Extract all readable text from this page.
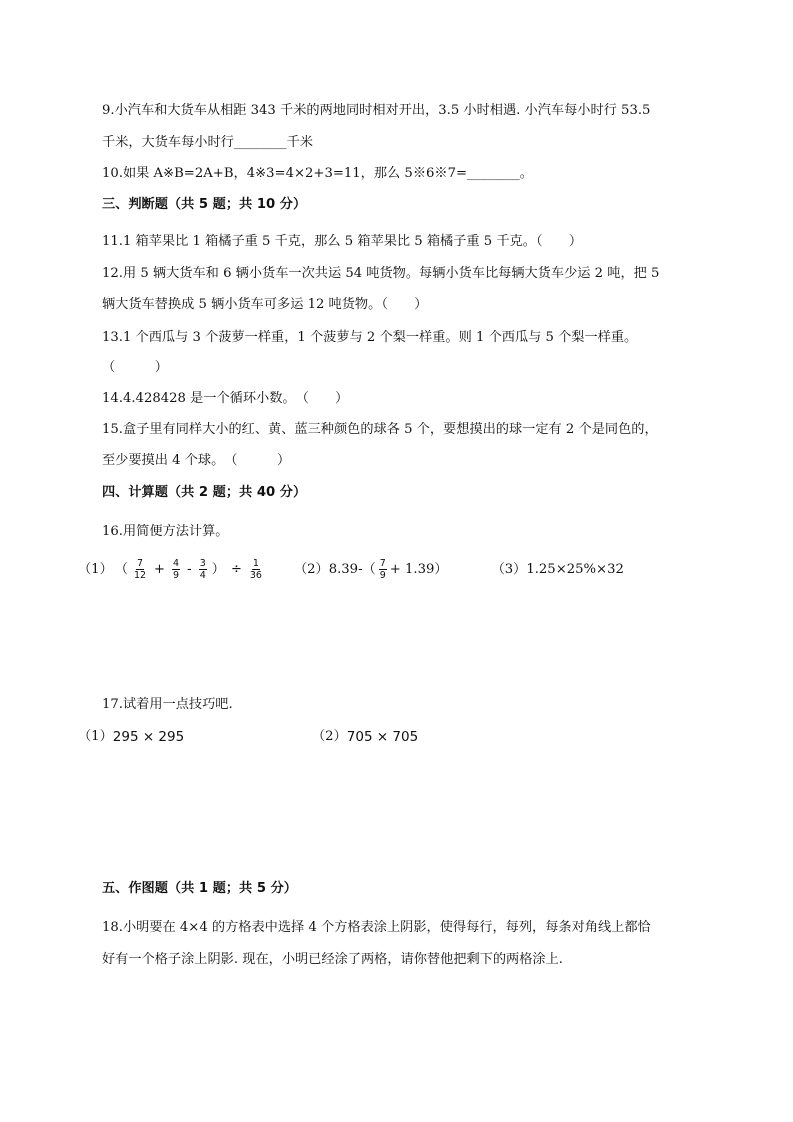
9.小汽车和大货车从相距 343 千米的两地同时相对开出，3.5 小时相遇. 小汽车每小时行 53.5
千米，大货车每小时行________千米
10.如果 A※B=2A+B，4※3=4×2+3=11，那么 5※6※7=________。
三、判断题（共 5 题；共 10 分）
11.1 箱苹果比 1 箱橘子重 5 千克，那么 5 箱苹果比 5 箱橘子重 5 千克。（　　）
12.用 5 辆大货车和 6 辆小货车一次共运 54 吨货物。每辆小货车比每辆大货车少运 2 吨，把 5
辆大货车替换成 5 辆小货车可多运 12 吨货物。（　　）
13.1 个西瓜与 3 个菠萝一样重，1 个菠萝与 2 个梨一样重。则 1 个西瓜与 5 个梨一样重。
（　　　）
14.4.428428 是一个循环小数。　（　　）
15.盒子里有同样大小的红、黄、蓝三种颜色的球各 5 个，要想摸出的球一定有 2 个是同色的，
至少要摸出 4 个球。　（　　　）
四、计算题（共 2 题；共 40 分）
16.用简便方法计算。
（1） （ $\frac{7}{12} + \frac{4}{9} - \frac{3}{4}$ ） ÷ $\frac{1}{36} (2)8.39-( \frac{7}{9} + 1.39)$	（3）1.25×25%×32
17.试着用一点技巧吧.
（1） 295 × 295	（2） 705 × 705
五、作图题（共 1 题；共 5 分）
18.小明要在 4×4 的方格表中选择 4 个方格表涂上阴影，使得每行，每列，每条对角线上都恰
好有一个格子涂上阴影. 现在，小明已经涂了两格，请你替他把剩下的两格涂上.
